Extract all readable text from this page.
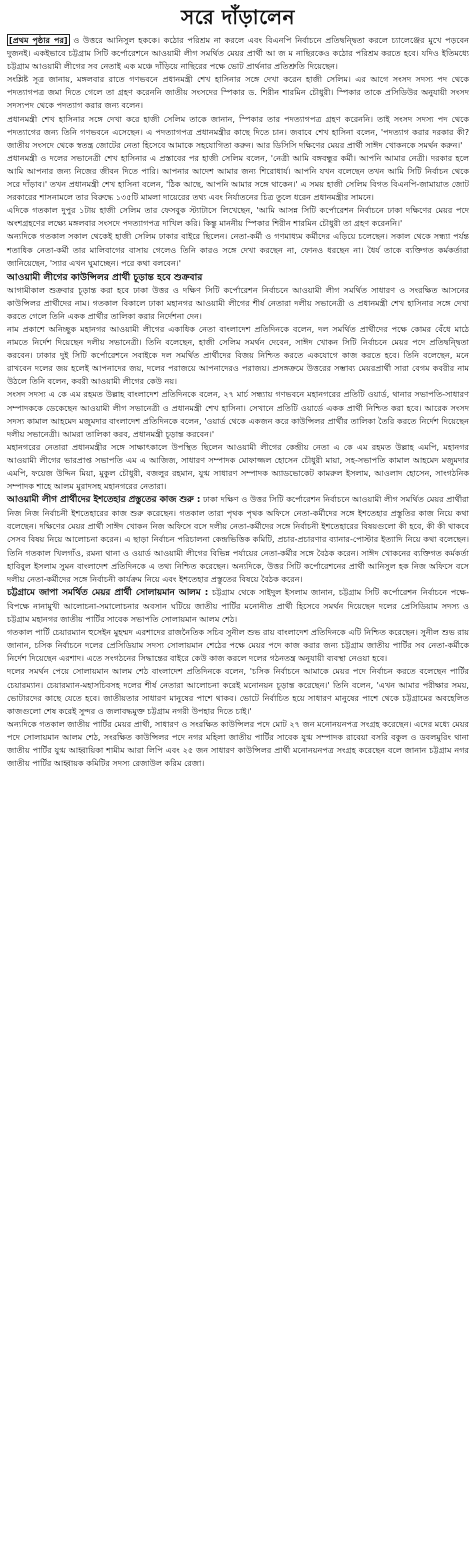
সরে দাঁড়ালেন

[প্রথম পৃষ্ঠার পর] ও উত্তরে আনিসুল হককে। কঠোর পরিশ্রম না করলে এবং বিএনপি নির্বাচনে প্রতিদ্বন্দ্বিতা করলে চ্যালেঞ্জের মুখে পড়বেন দুজনই। একইভাবে চট্টগ্রাম সিটি কর্পোরেশনে আওয়ামী লীগ সমর্থিত মেয়র প্রার্থী আ জ ম নাছিরকেও কঠোর পরিশ্রম করতে হবে। যদিও ইতিমধ্যে চট্টগ্রাম আওয়ামী লীগের সব নেতাই এক মঞ্চে দাঁড়িয়ে নাছিরের পক্ষে ভোট প্রার্থনার প্রতিশ্রুতি দিয়েছেন।

সংশ্লিষ্ট সূত্র জানায়, মঙ্গলবার রাতে গণভবনে প্রধানমন্ত্রী শেখ হাসিনার সঙ্গে দেখা করেন হাজী সেলিম। এর আগে সংসদ সদস্য পদ থেকে পদত্যাগপত্র জমা দিতে গেলে তা গ্রহণ করেননি জাতীয় সংসদের স্পিকার ড. শিরীন শারমিন চৌধুরী। স্পিকার তাকে প্রসিডিউর অনুযায়ী সংসদ সদস্যপদ থেকে পদত্যাগ করার জন্য বলেন।

প্রধানমন্ত্রী শেখ হাসিনার সঙ্গে দেখা করে হাজী সেলিম তাকে জানান, স্পিকার তার পদত্যাগপত্র গ্রহণ করেননি। তাই সংসদ সদস্য পদ থেকে পদত্যাগের জন্য তিনি গণভবনে এসেছেন। এ পদত্যাগপত্র প্রধানমন্ত্রীর কাছে দিতে চান। জবাবে শেখ হাসিনা বলেন, 'পদত্যাগ করার দরকার কী? জাতীয় সংসদে থেকে স্বতন্ত্র জোটের নেতা হিসেবে আমাকে সহযোগিতা করুন। আর ডিসিসি দক্ষিণের মেয়র প্রার্থী সাঈদ খোকনকে সমর্থন করুন।'

প্রধানমন্ত্রী ও দলের সভানেত্রী শেখ হাসিনার এ প্রস্তাবের পর হাজী সেলিম বলেন, 'নেত্রী আমি বঙ্গবন্ধুর কর্মী। আপনি আমার নেত্রী। দরকার হলে আমি আপনার জন্য নিজের জীবন দিতে পারি। আপনার আদেশ আমার জন্য শিরোধার্য। আপনি যখন বলেছেন তখন আমি সিটি নির্বাচন থেকে সরে দাঁড়াব।' তখন প্রধানমন্ত্রী শেখ হাসিনা বলেন, 'ঠিক আছে, আপনি আমার সঙ্গে থাকেন।' এ সময় হাজী সেলিম বিগত বিএনপি-জামায়াত জোট সরকারের শাসনামলে তার বিরুদ্ধে ১৩৫টি মামলা দায়েরের তথ্য এবং নির্যাতনের চিত্র তুলে ধরেন প্রধানমন্ত্রীর সামনে।

এদিকে গতকাল দুপুর ১টায় হাজী সেলিম তার ফেসবুক স্ট্যাটাসে লিখেছেন, 'আমি আসন্ন সিটি কর্পোরেশন নির্বাচনে ঢাকা দক্ষিণের মেয়র পদে অংশগ্রহণের লক্ষ্যে মঙ্গলবার সংসদে পদত্যাগপত্র দাখিল করি। কিন্তু মাননীয় স্পিকার শিরীন শারমিন চৌধুরী তা গ্রহণ করেননি।'

অন্যদিকে গতকাল সকাল থেকেই হাজী সেলিম ঢাকার বাইরে ছিলেন। নেতা-কর্মী ও গণমাধ্যম কর্মীদের এড়িয়ে চলেছেন। সকাল থেকে সন্ধ্যা পর্যন্ত শতাধিক নেতা-কর্মী তার মালিবাগের বাসায় গেলেও তিনি কারও সঙ্গে দেখা করছেন না, ফোনও ধরছেন না। ধৈর্য তাকে ব্যক্তিগত কর্মকর্তারা জানিয়েছেন, 'স্যার এখন ঘুমাচ্ছেন। পরে কথা বলবেন।'

আওয়ামী লীগের কাউন্সিলর প্রার্থী চূড়ান্ত হবে শুক্রবার

আগামীকাল শুক্রবার চূড়ান্ত করা হবে ঢাকা উত্তর ও দক্ষিণ সিটি কর্পোরেশন নির্বাচনে আওয়ামী লীগ সমর্থিত সাধারণ ও সংরক্ষিত আসনের কাউন্সিলর প্রার্থীদের নাম। গতকাল বিকালে ঢাকা মহানগর আওয়ামী লীগের শীর্ষ নেতারা দলীয় সভানেত্রী ও প্রধানমন্ত্রী শেখ হাসিনার সঙ্গে দেখা করতে গেলে তিনি একক প্রার্থীর তালিকা করার নির্দেশনা দেন।

নাম প্রকাশে অনিচ্ছুক মহানগর আওয়ামী লীগের একাধিক নেতা বাংলাদেশ প্রতিদিনকে বলেন, দল সমর্থিত প্রার্থীদের পক্ষে কোমর বেঁধে মাঠে নামতে নির্দেশ দিয়েছেন দলীয় সভানেত্রী। তিনি বলেছেন, হাজী সেলিম সমর্থন দেবেন, সাঈদ খোকন সিটি নির্বাচনে মেয়র পদে প্রতিদ্বন্দ্বিতা করবেন। ঢাকার দুই সিটি কর্পোরেশনে সবাইকে দল সমর্থিত প্রার্থীদের বিজয় নিশ্চিত করতে একযোগে কাজ করতে হবে। তিনি বলেছেন, মনে রাখবেন দলের জয় হলেই আপনাদের জয়, দলের পরাজয়ে আপনাদেরও পরাজয়। প্রসঙ্গক্রমে উত্তরের সম্ভাব্য মেয়রপ্রার্থী সারা বেগম কবরীর নাম উঠলে তিনি বলেন, কবরী আওয়ামী লীগের কেউ নয়।

সংসদ সদস্য এ কে এম রহমত উল্লাহ বাংলাদেশ প্রতিদিনকে বলেন, ২৭ মার্চ সন্ধ্যায় গণভবনে মহানগরের প্রতিটি ওয়ার্ড, থানার সভাপতি-সাধারণ সম্পাদককে ডেকেছেন আওয়ামী লীগ সভানেত্রী ও প্রধানমন্ত্রী শেখ হাসিনা। সেখানে প্রতিটি ওয়ার্ডে একক প্রার্থী নিশ্চিত করা হবে। আরেক সংসদ সদস্য কামাল আহমেদ মজুমদার বাংলাদেশ প্রতিদিনকে বলেন, 'ওয়ার্ড থেকে একজন করে কাউন্সিলর প্রার্থীর তালিকা তৈরি করতে নির্দেশ দিয়েছেন দলীয় সভানেত্রী। আমরা তালিকা করব, প্রধানমন্ত্রী চূড়ান্ত করবেন।'

মহানগরের নেতারা প্রধানমন্ত্রীর সঙ্গে সাক্ষাৎকালে উপস্থিত ছিলেন আওয়ামী লীগের কেন্দ্রীয় নেতা এ কে এম রহমত উল্লাহ এমপি, মহানগর আওয়ামী লীগের ভারপ্রাপ্ত সভাপতি এম এ আজিজ, সাধারণ সম্পাদক মোফাজ্জল হোসেন চৌধুরী মায়া, সহ-সভাপতি কামাল আহমেদ মজুমদার এমপি, ফয়েজ উদ্দিন মিয়া, মুকুল চৌধুরী, বজলুর রহমান, যুগ্ম সাধারণ সম্পাদক অ্যাডভোকেট কামরুল ইসলাম, আওলাদ হোসেন, সাংগঠনিক সম্পাদক শাহে আলম মুরাদসহ মহানগরের নেতারা।

আওয়ামী লীগ প্রার্থীদের ইশতেহার প্রস্তুতের কাজ শুরু : ঢাকা দক্ষিণ ও উত্তর সিটি কর্পোরেশন নির্বাচনে আওয়ামী লীগ সমর্থিত মেয়র প্রার্থীরা নিজ নিজ নির্বাচনী ইশতেহারের কাজ শুরু করেছেন। গতকাল তারা পৃথক পৃথক অফিসে নেতা-কর্মীদের সঙ্গে ইশতেহার প্রস্তুতির কাজ নিয়ে কথা বলেছেন। দক্ষিণের মেয়র প্রার্থী সাঈদ খোকন নিজ অফিসে বসে দলীয় নেতা-কর্মীদের সঙ্গে নির্বাচনী ইশতেহারের বিষয়গুলো কী হবে, কী কী থাকবে সেসব বিষয় নিয়ে আলোচনা করেন। এ ছাড়া নির্বাচন পরিচালনা কেন্দ্রভিত্তিক কমিটি, প্রচার-প্রচারণার ব্যানার-পোস্টার ইত্যাদি নিয়ে কথা বলেছেন। তিনি গতকাল খিলগাঁও, রমনা থানা ও ওয়ার্ড আওয়ামী লীগের বিভিন্ন পর্যায়ের নেতা-কর্মীর সঙ্গে বৈঠক করেন। সাঈদ খোকনের ব্যক্তিগত কর্মকর্তা হাবিবুল ইসলাম সুমন বাংলাদেশ প্রতিদিনকে এ তথ্য নিশ্চিত করেছেন। অন্যদিকে, উত্তর সিটি কর্পোরেশনের প্রার্থী আনিসুল হক নিজ অফিসে বসে দলীয় নেতা-কর্মীদের সঙ্গে নির্বাচনী কার্যক্রম নিয়ে এবং ইশতেহার প্রস্তুতের বিষয়ে বৈঠক করেন।

চট্টগ্রামে জাপা সমর্থিত মেয়র প্রার্থী সোলায়মান আলম : চট্টগ্রাম থেকে সাইদুল ইসলাম জানান, চট্টগ্রাম সিটি কর্পোরেশন নির্বাচনে পক্ষে-বিপক্ষে নানামুখী আলোচনা-সমালোচনার অবসান ঘটিয়ে জাতীয় পার্টির মনোনীত প্রার্থী হিসেবে সমর্থন দিয়েছেন দলের প্রেসিডিয়াম সদস্য ও চট্টগ্রাম মহানগর জাতীয় পার্টির সাবেক সভাপতি সোলায়মান আলম শেঠ।

গতকাল পার্টি চেয়ারম্যান হুসেইন মুহম্মদ এরশাদের রাজনৈতিক সচিব সুনীল শুভ রায় বাংলাদেশ প্রতিদিনকে এটি নিশ্চিত করেছেন। সুনীল শুভ রায় জানান, চসিক নির্বাচনে দলের প্রেসিডিয়াম সদস্য সোলায়মান শেঠের পক্ষে মেয়র পদে কাজ করার জন্য চট্টগ্রাম জাতীয় পার্টির সব নেতা-কর্মীকে নির্দেশ দিয়েছেন এরশাদ। এতে সংগঠনের সিদ্ধান্তের বাইরে কেউ কাজ করলে দলের গঠনতন্ত্র অনুযায়ী ব্যবস্থা নেওয়া হবে।

দলের সমর্থন পেয়ে সোলায়মান আলম শেঠ বাংলাদেশ প্রতিদিনকে বলেন, 'চসিক নির্বাচনে আমাকে মেয়র পদে নির্বাচন করতে বলেছেন পার্টির চেয়ারম্যান। চেয়ারম্যান-মহাসচিবসহ দলের শীর্ষ নেতারা আলোচনা করেই মনোনয়ন চূড়ান্ত করেছেন।' তিনি বলেন, 'এখন আমার পরীক্ষার সময়, ভোটারদের কাছে যেতে হবে। জাতীয়তার সাধারণ মানুষের পাশে থাকব। ভোটে নির্বাচিত হয়ে সাধারণ মানুষের পাশে থেকে চট্টগ্রামের অবহেলিত কাজগুলো শেষ করেই সুন্দর ও জলাবদ্ধমুক্ত চট্টগ্রাম নগরী উপহার দিতে চাই।'

অন্যদিকে গতকাল জাতীয় পার্টির মেয়র প্রার্থী, সাধারণ ও সংরক্ষিত কাউন্সিলর পদে মোট ২৭ জন মনোনয়নপত্র সংগ্রহ করেছেন। এদের মধ্যে মেয়র পদে সোলায়মান আলম শেঠ, সংরক্ষিত কাউন্সিলর পদে নগর মহিলা জাতীয় পার্টির সাবেক যুগ্ম সম্পাদক রাবেয়া বসরি বকুল ও ডবলমুরিং থানা জাতীয় পার্টির যুগ্ম আহ্বায়িকা শামীম আরা লিপি এবং ২৫ জন সাধারণ কাউন্সিলর প্রার্থী মনোনয়নপত্র সংগ্রহ করেছেন বলে জানান চট্টগ্রাম নগর জাতীয় পার্টির আহ্বায়ক কমিটির সদস্য রেজাউল করিম রেজা।
